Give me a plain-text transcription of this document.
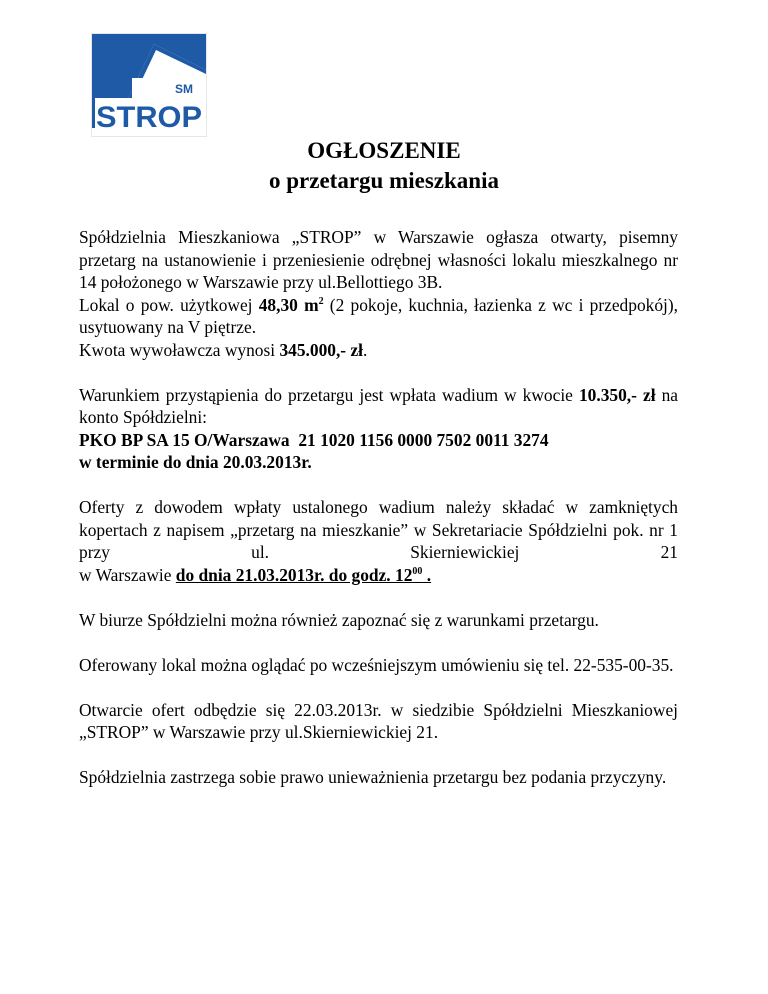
SM
STROP
OGŁOSZENIE
o przetargu mieszkania
Spółdzielnia Mieszkaniowa „STROP” w Warszawie ogłasza otwarty, pisemny przetarg na ustanowienie i przeniesienie odrębnej własności lokalu mieszkalnego nr 14 położonego w Warszawie przy ul.Bellottiego 3B.
Lokal o pow. użytkowej 48,30 $m^2$ (2 pokoje, kuchnia, łazienka z wc i przedpokój), usytuowany na V piętrze.
Kwota wywoławcza wynosi 345.000,- zł.
Warunkiem przystąpienia do przetargu jest wpłata wadium w kwocie 10.350,- zł na konto Spółdzielni:
PKO BP SA 15 O/Warszawa  21 1020 1156 0000 7502 0011 3274
w terminie do dnia 20.03.2013r.
Oferty z dowodem wpłaty ustalonego wadium należy składać w zamkniętych kopertach z napisem „przetarg na mieszkanie” w Sekretariacie Spółdzielni pok. nr 1 przy ul. Skierniewickiej 21
w Warszawie do dnia 21.03.2013r. do godz. $12^{00}$ .
W biurze Spółdzielni można również zapoznać się z warunkami przetargu.
Oferowany lokal można oglądać po wcześniejszym umówieniu się tel. 22-535-00-35.
Otwarcie ofert odbędzie się 22.03.2013r. w siedzibie Spółdzielni Mieszkaniowej „STROP” w Warszawie przy ul.Skierniewickiej 21.
Spółdzielnia zastrzega sobie prawo unieważnienia przetargu bez podania przyczyny.
